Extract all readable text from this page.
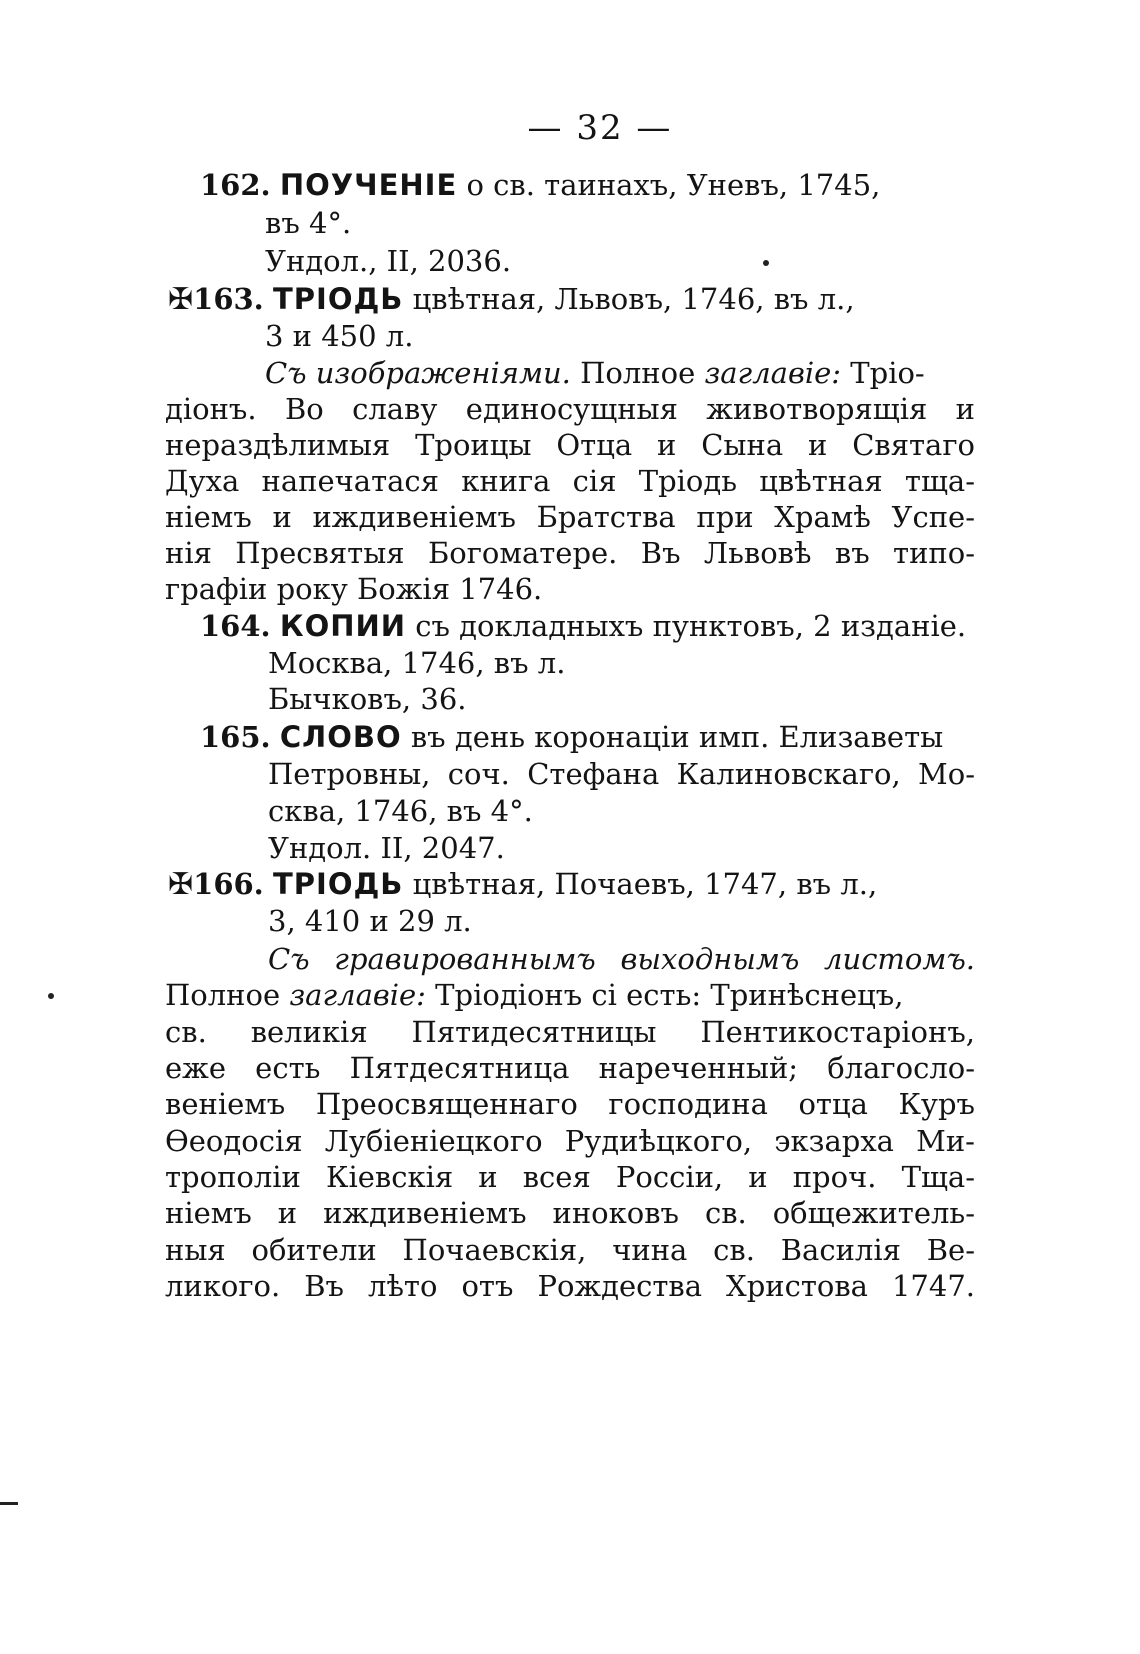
— 32 —
162. ПОУЧЕНІЕ о св. таинахъ, Уневъ, 1745,
въ 4°.
Ундол., II, 2036.
✠163. ТРІОДЬ цвѣтная, Львовъ, 1746, въ л.,
3 и 450 л.
Съ изображеніями. Полное заглавіе: Тріо-
діонъ. Во славу единосущныя животворящія и
нераздѣлимыя Троицы Отца и Сына и Святаго
Духа напечатася книга сія Тріодь цвѣтная тща-
ніемъ и иждивеніемъ Братства при Храмѣ Успе-
нія Пресвятыя Богоматере. Въ Львовѣ въ типо-
графіи року Божія 1746.
164. КОПИИ съ докладныхъ пунктовъ, 2 изданіе.
Москва, 1746, въ л.
Бычковъ, 36.
165. СЛОВО въ день коронаціи имп. Елизаветы
Петровны, соч. Стефана Калиновскаго, Мо-
сква, 1746, въ 4°.
Ундол. II, 2047.
✠166. ТРІОДЬ цвѣтная, Почаевъ, 1747, въ л.,
3, 410 и 29 л.
Съ гравированнымъ выходнымъ листомъ.
Полное заглавіе: Тріодіонъ сі есть: Тринѣснецъ,
св. великія Пятидесятницы Пентикостаріонъ,
еже есть Пятдесятница нареченный; благосло-
веніемъ Преосвященнаго господина отца Куръ
Ѳеодосія Лубіеніецкого Рудиѣцкого, экзарха Ми-
трополіи Кіевскія и всея Россіи, и проч. Тща-
ніемъ и иждивеніемъ иноковъ св. общежитель-
ныя обители Почаевскія, чина св. Василія Ве-
ликого. Въ лѣто отъ Рождества Христова 1747.
